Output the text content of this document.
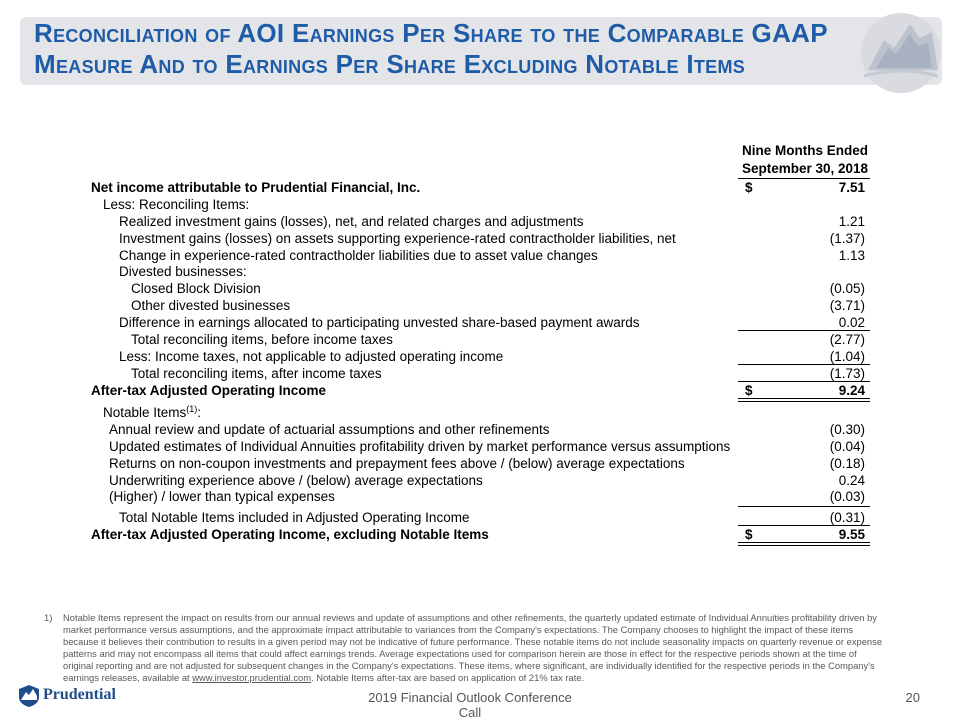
Reconciliation of AOI Earnings Per Share to the Comparable GAAP
Measure And to Earnings Per Share Excluding Notable Items
Nine Months Ended
September 30, 2018
Net income attributable to Prudential Financial, Inc.	$	7.51
Less: Reconciling Items:
Realized investment gains (losses), net, and related charges and adjustments	1.21
Investment gains (losses) on assets supporting experience-rated contractholder liabilities, net	(1.37)
Change in experience-rated contractholder liabilities due to asset value changes	1.13
Divested businesses:
Closed Block Division	(0.05)
Other divested businesses	(3.71)
Difference in earnings allocated to participating unvested share-based payment awards	0.02
Total reconciling items, before income taxes	(2.77)
Less: Income taxes, not applicable to adjusted operating income	(1.04)
Total reconciling items, after income taxes	(1.73)
After-tax Adjusted Operating Income	$	9.24
Notable Items$^{(1)}$:
Annual review and update of actuarial assumptions and other refinements	(0.30)
Updated estimates of Individual Annuities profitability driven by market performance versus assumptions	(0.04)
Returns on non-coupon investments and prepayment fees above / (below) average expectations	(0.18)
Underwriting experience above / (below) average expectations	0.24
(Higher) / lower than typical expenses	(0.03)
Total Notable Items included in Adjusted Operating Income	(0.31)
After-tax Adjusted Operating Income, excluding Notable Items	$	9.55
1) Notable Items represent the impact on results from our annual reviews and update of assumptions and other refinements, the quarterly updated estimate of Individual Annuities profitability driven by market performance versus assumptions, and the approximate impact attributable to variances from the Company's expectations. The Company chooses to highlight the impact of these items because it believes their contribution to results in a given period may not be indicative of future performance. These notable items do not include seasonality impacts on quarterly revenue or expense patterns and may not encompass all items that could affect earnings trends. Average expectations used for comparison herein are those in effect for the respective periods shown at the time of original reporting and are not adjusted for subsequent changes in the Company's expectations. These items, where significant, are individually identified for the respective periods in the Company's earnings releases, available at www.investor.prudential.com. Notable Items after-tax are based on application of 21% tax rate.
Prudential	2019 Financial Outlook Conference Call
20
